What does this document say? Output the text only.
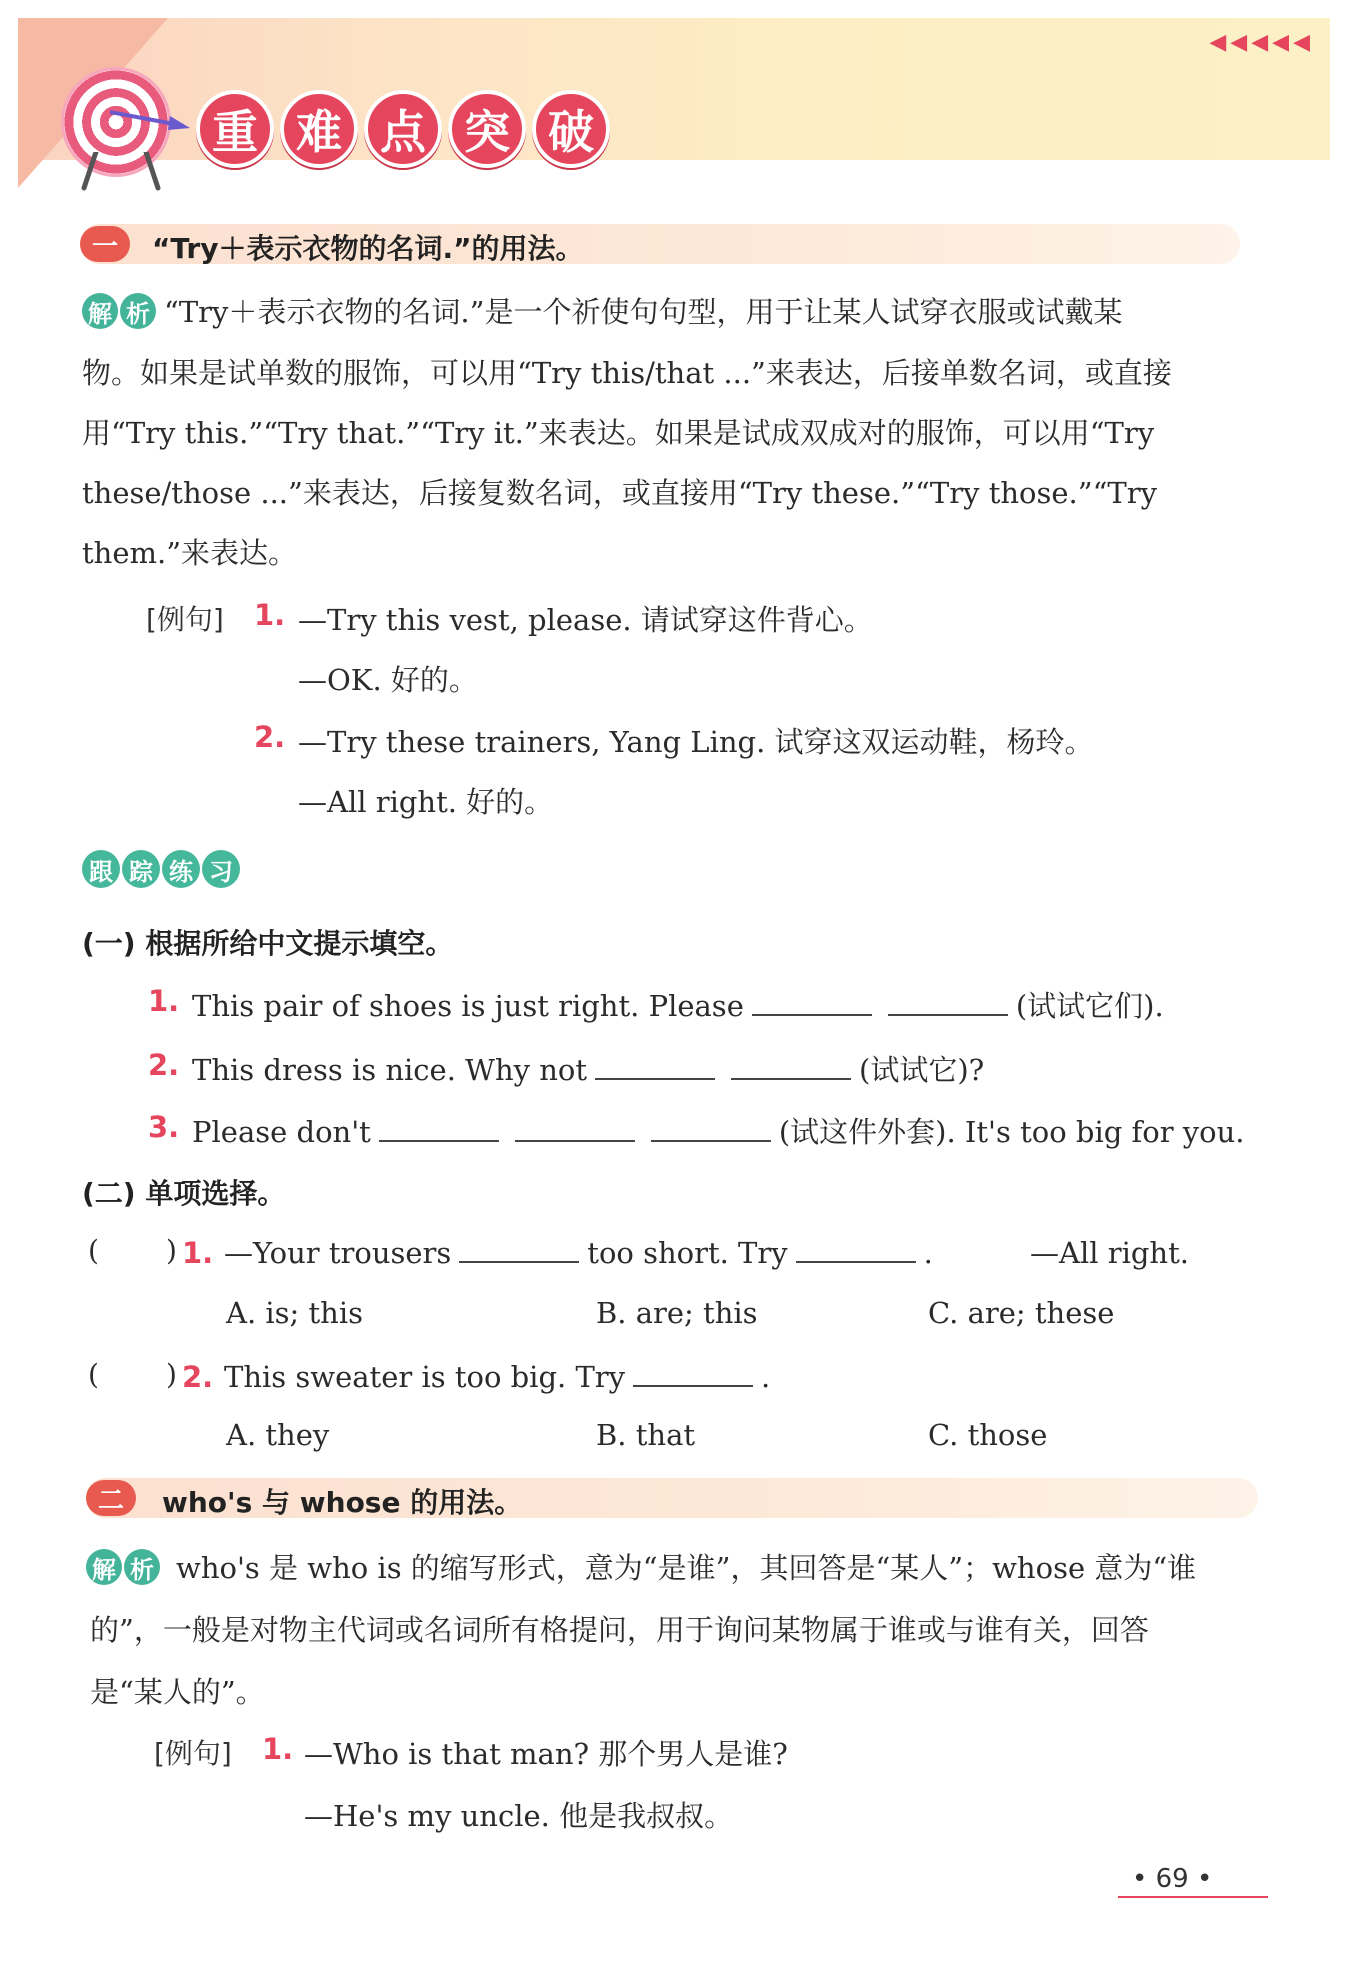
◀◀◀◀◀
重 难 点 突 破
一	“Try＋表示衣物的名词.”的用法。
解 析 “Try＋表示衣物的名词.”是一个祈使句句型，用于让某人试穿衣服或试戴某
物。如果是试单数的服饰，可以用“Try this/that ...”来表达，后接单数名词，或直接
用“Try this.”“Try that.”“Try it.”来表达。如果是试成双成对的服饰，可以用“Try
these/those ...”来表达，后接复数名词，或直接用“Try these.”“Try those.”“Try
them.”来表达。
[例句] 1. —Try this vest, please. 请试穿这件背心。
—OK. 好的。
2. —Try these trainers, Yang Ling. 试穿这双运动鞋，杨玲。
—All right. 好的。
跟 踪 练 习
(一) 根据所给中文提示填空。
1. This pair of shoes is just right. Please	(试试它们).
2. This dress is nice. Why not	(试试它)?
3. Please don't	(试这件外套). It's too big for you.
(二) 单项选择。
( ) 1. —Your trousers	too short. Try	.	—All right.
A. is; this	B. are; this	C. are; these
( ) 2. This sweater is too big. Try	.
A. they	B. that	C. those
二	who's 与 whose 的用法。
解 析 who's 是 who is 的缩写形式，意为“是谁”，其回答是“某人”；whose 意为“谁
的”，一般是对物主代词或名词所有格提问，用于询问某物属于谁或与谁有关，回答
是“某人的”。
[例句] 1. —Who is that man? 那个男人是谁?
—He's my uncle. 他是我叔叔。
• 69 •
